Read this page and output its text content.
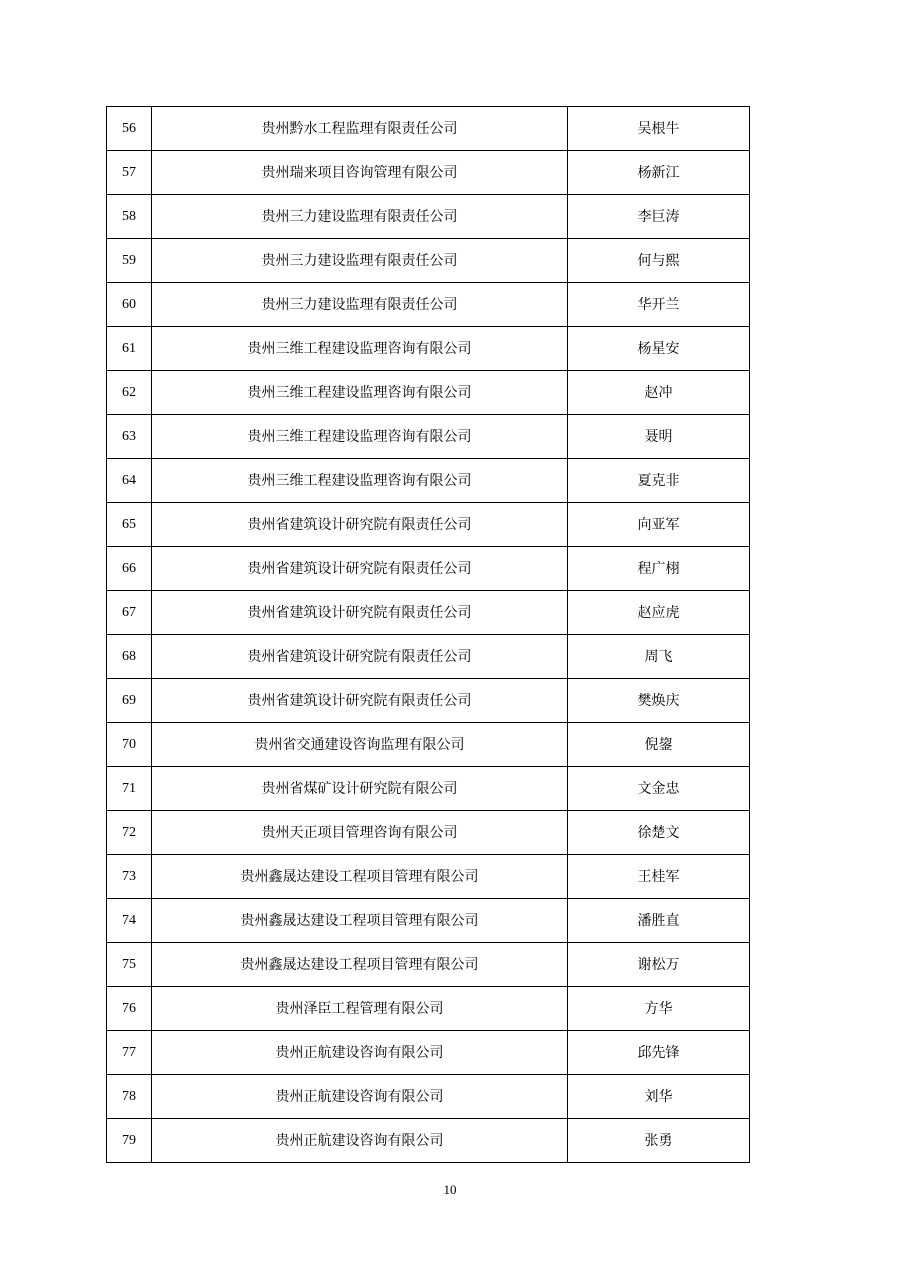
56	贵州黔水工程监理有限责任公司	吴根牛
57	贵州瑞来项目咨询管理有限公司	杨新江
58	贵州三力建设监理有限责任公司	李巨涛
59	贵州三力建设监理有限责任公司	何与熙
60	贵州三力建设监理有限责任公司	华开兰
61	贵州三维工程建设监理咨询有限公司	杨星安
62	贵州三维工程建设监理咨询有限公司	赵冲
63	贵州三维工程建设监理咨询有限公司	聂明
64	贵州三维工程建设监理咨询有限公司	夏克非
65	贵州省建筑设计研究院有限责任公司	向亚军
66	贵州省建筑设计研究院有限责任公司	程广栩
67	贵州省建筑设计研究院有限责任公司	赵应虎
68	贵州省建筑设计研究院有限责任公司	周飞
69	贵州省建筑设计研究院有限责任公司	樊焕庆
70	贵州省交通建设咨询监理有限公司	倪鋆
71	贵州省煤矿设计研究院有限公司	文金忠
72	贵州天正项目管理咨询有限公司	徐楚文
73	贵州鑫晟达建设工程项目管理有限公司	王桂军
74	贵州鑫晟达建设工程项目管理有限公司	潘胜直
75	贵州鑫晟达建设工程项目管理有限公司	谢松万
76	贵州泽臣工程管理有限公司	方华
77	贵州正航建设咨询有限公司	邱先锋
78	贵州正航建设咨询有限公司	刘华
79	贵州正航建设咨询有限公司	张勇
10
